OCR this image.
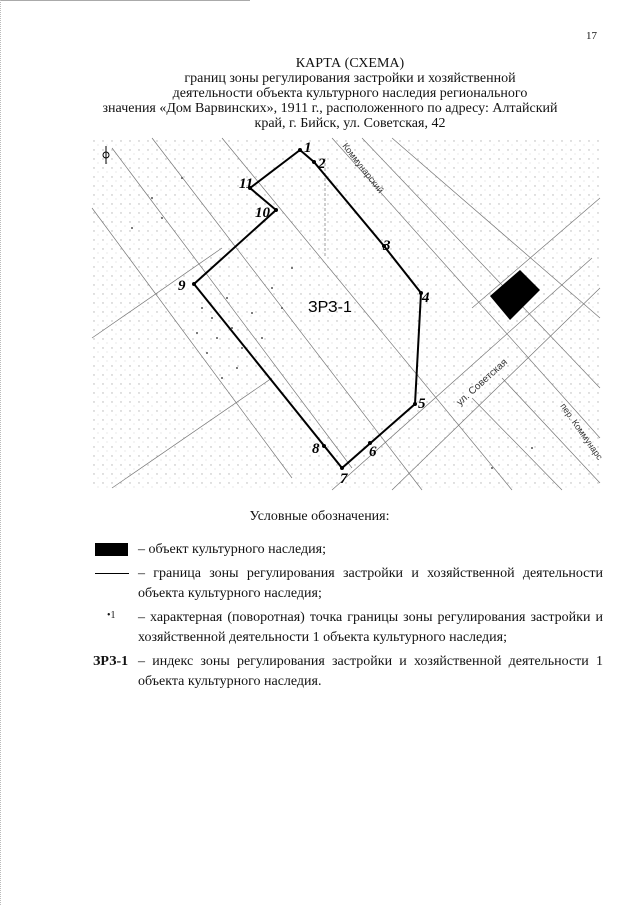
17
КАРТА (СХЕМА)
границ зоны регулирования застройки и хозяйственной
деятельности объекта культурного наследия регионального
значения «Дом Варвинских», 1911 г., расположенного по адресу: Алтайский
край, г. Бийск, ул. Советская, 42
1
2
3
4
5
6
7
8
9
10
11
ЗРЗ-1
Коммунарский
ул. Советская
пер. Коммунарс
Условные обозначения:
– объект культурного наследия;
– граница зоны регулирования застройки и хозяйственной деятельности объекта культурного наследия;
•1 – характерная (поворотная) точка границы зоны регулирования застройки и хозяйственной деятельности 1 объекта культурного наследия;
ЗРЗ-1 – индекс зоны регулирования застройки и хозяйственной деятельности 1 объекта культурного наследия.
